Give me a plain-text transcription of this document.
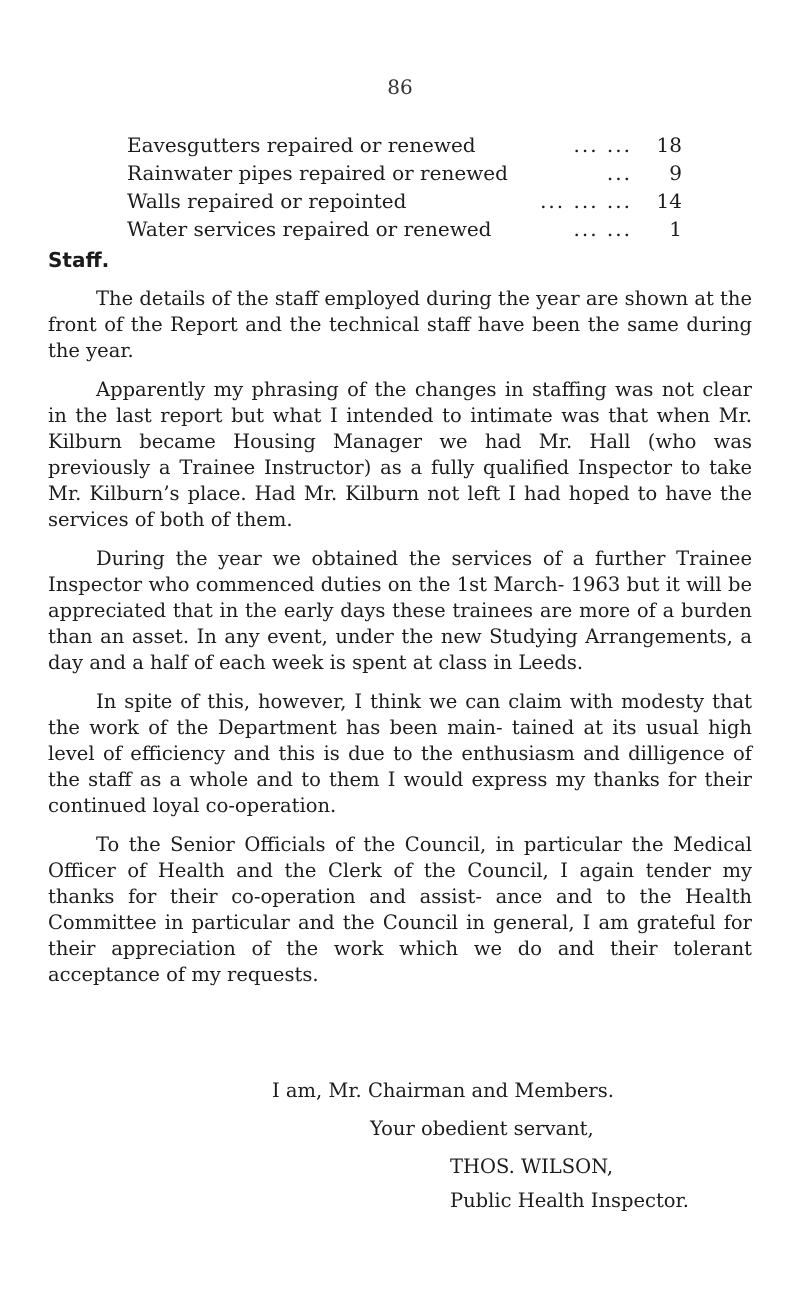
86
Eavesgutters repaired or renewed	... ...	18
Rainwater pipes repaired or renewed	...	9
Walls repaired or repointed	... ... ...	14
Water services repaired or renewed	... ...	1
Staff.

The details of the staff employed during the year are shown at the front of the Report and the technical staff have been the same during the year.

Apparently my phrasing of the changes in staffing was not clear in the last report but what I intended to intimate was that when Mr. Kilburn became Housing Manager we had Mr. Hall (who was previously a Trainee Instructor) as a fully qualified Inspector to take Mr. Kilburn’s place. Had Mr. Kilburn not left I had hoped to have the services of both of them.

During the year we obtained the services of a further Trainee Inspector who commenced duties on the 1st March- 1963 but it will be appreciated that in the early days these trainees are more of a burden than an asset. In any event, under the new Studying Arrangements, a day and a half of each week is spent at class in Leeds.

In spite of this, however, I think we can claim with modesty that the work of the Department has been main- tained at its usual high level of efficiency and this is due to the enthusiasm and dilligence of the staff as a whole and to them I would express my thanks for their continued loyal co-operation.

To the Senior Officials of the Council, in particular the Medical Officer of Health and the Clerk of the Council, I again tender my thanks for their co-operation and assist- ance and to the Health Committee in particular and the Council in general, I am grateful for their appreciation of the work which we do and their tolerant acceptance of my requests.

I am, Mr. Chairman and Members.
Your obedient servant,
THOS. WILSON,
Public Health Inspector.
